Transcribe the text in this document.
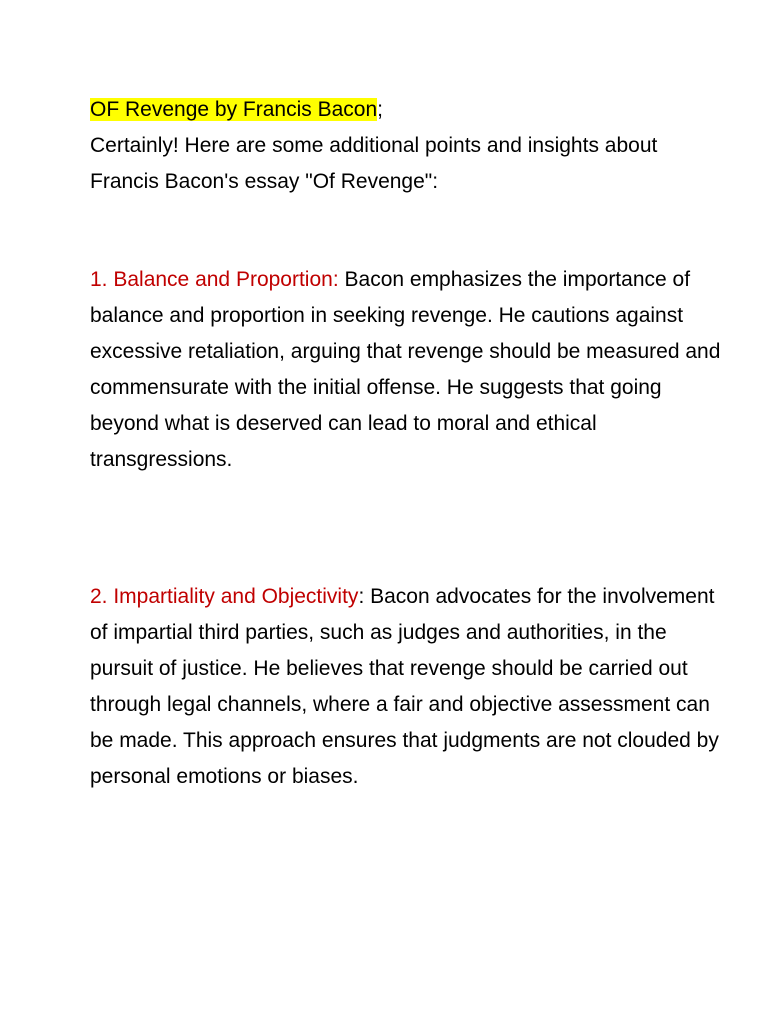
OF Revenge by Francis Bacon;
Certainly! Here are some additional points and insights about Francis Bacon's essay "Of Revenge":
1. Balance and Proportion: Bacon emphasizes the importance of balance and proportion in seeking revenge. He cautions against excessive retaliation, arguing that revenge should be measured and commensurate with the initial offense. He suggests that going beyond what is deserved can lead to moral and ethical transgressions.
2. Impartiality and Objectivity: Bacon advocates for the involvement of impartial third parties, such as judges and authorities, in the pursuit of justice. He believes that revenge should be carried out through legal channels, where a fair and objective assessment can be made. This approach ensures that judgments are not clouded by personal emotions or biases.
